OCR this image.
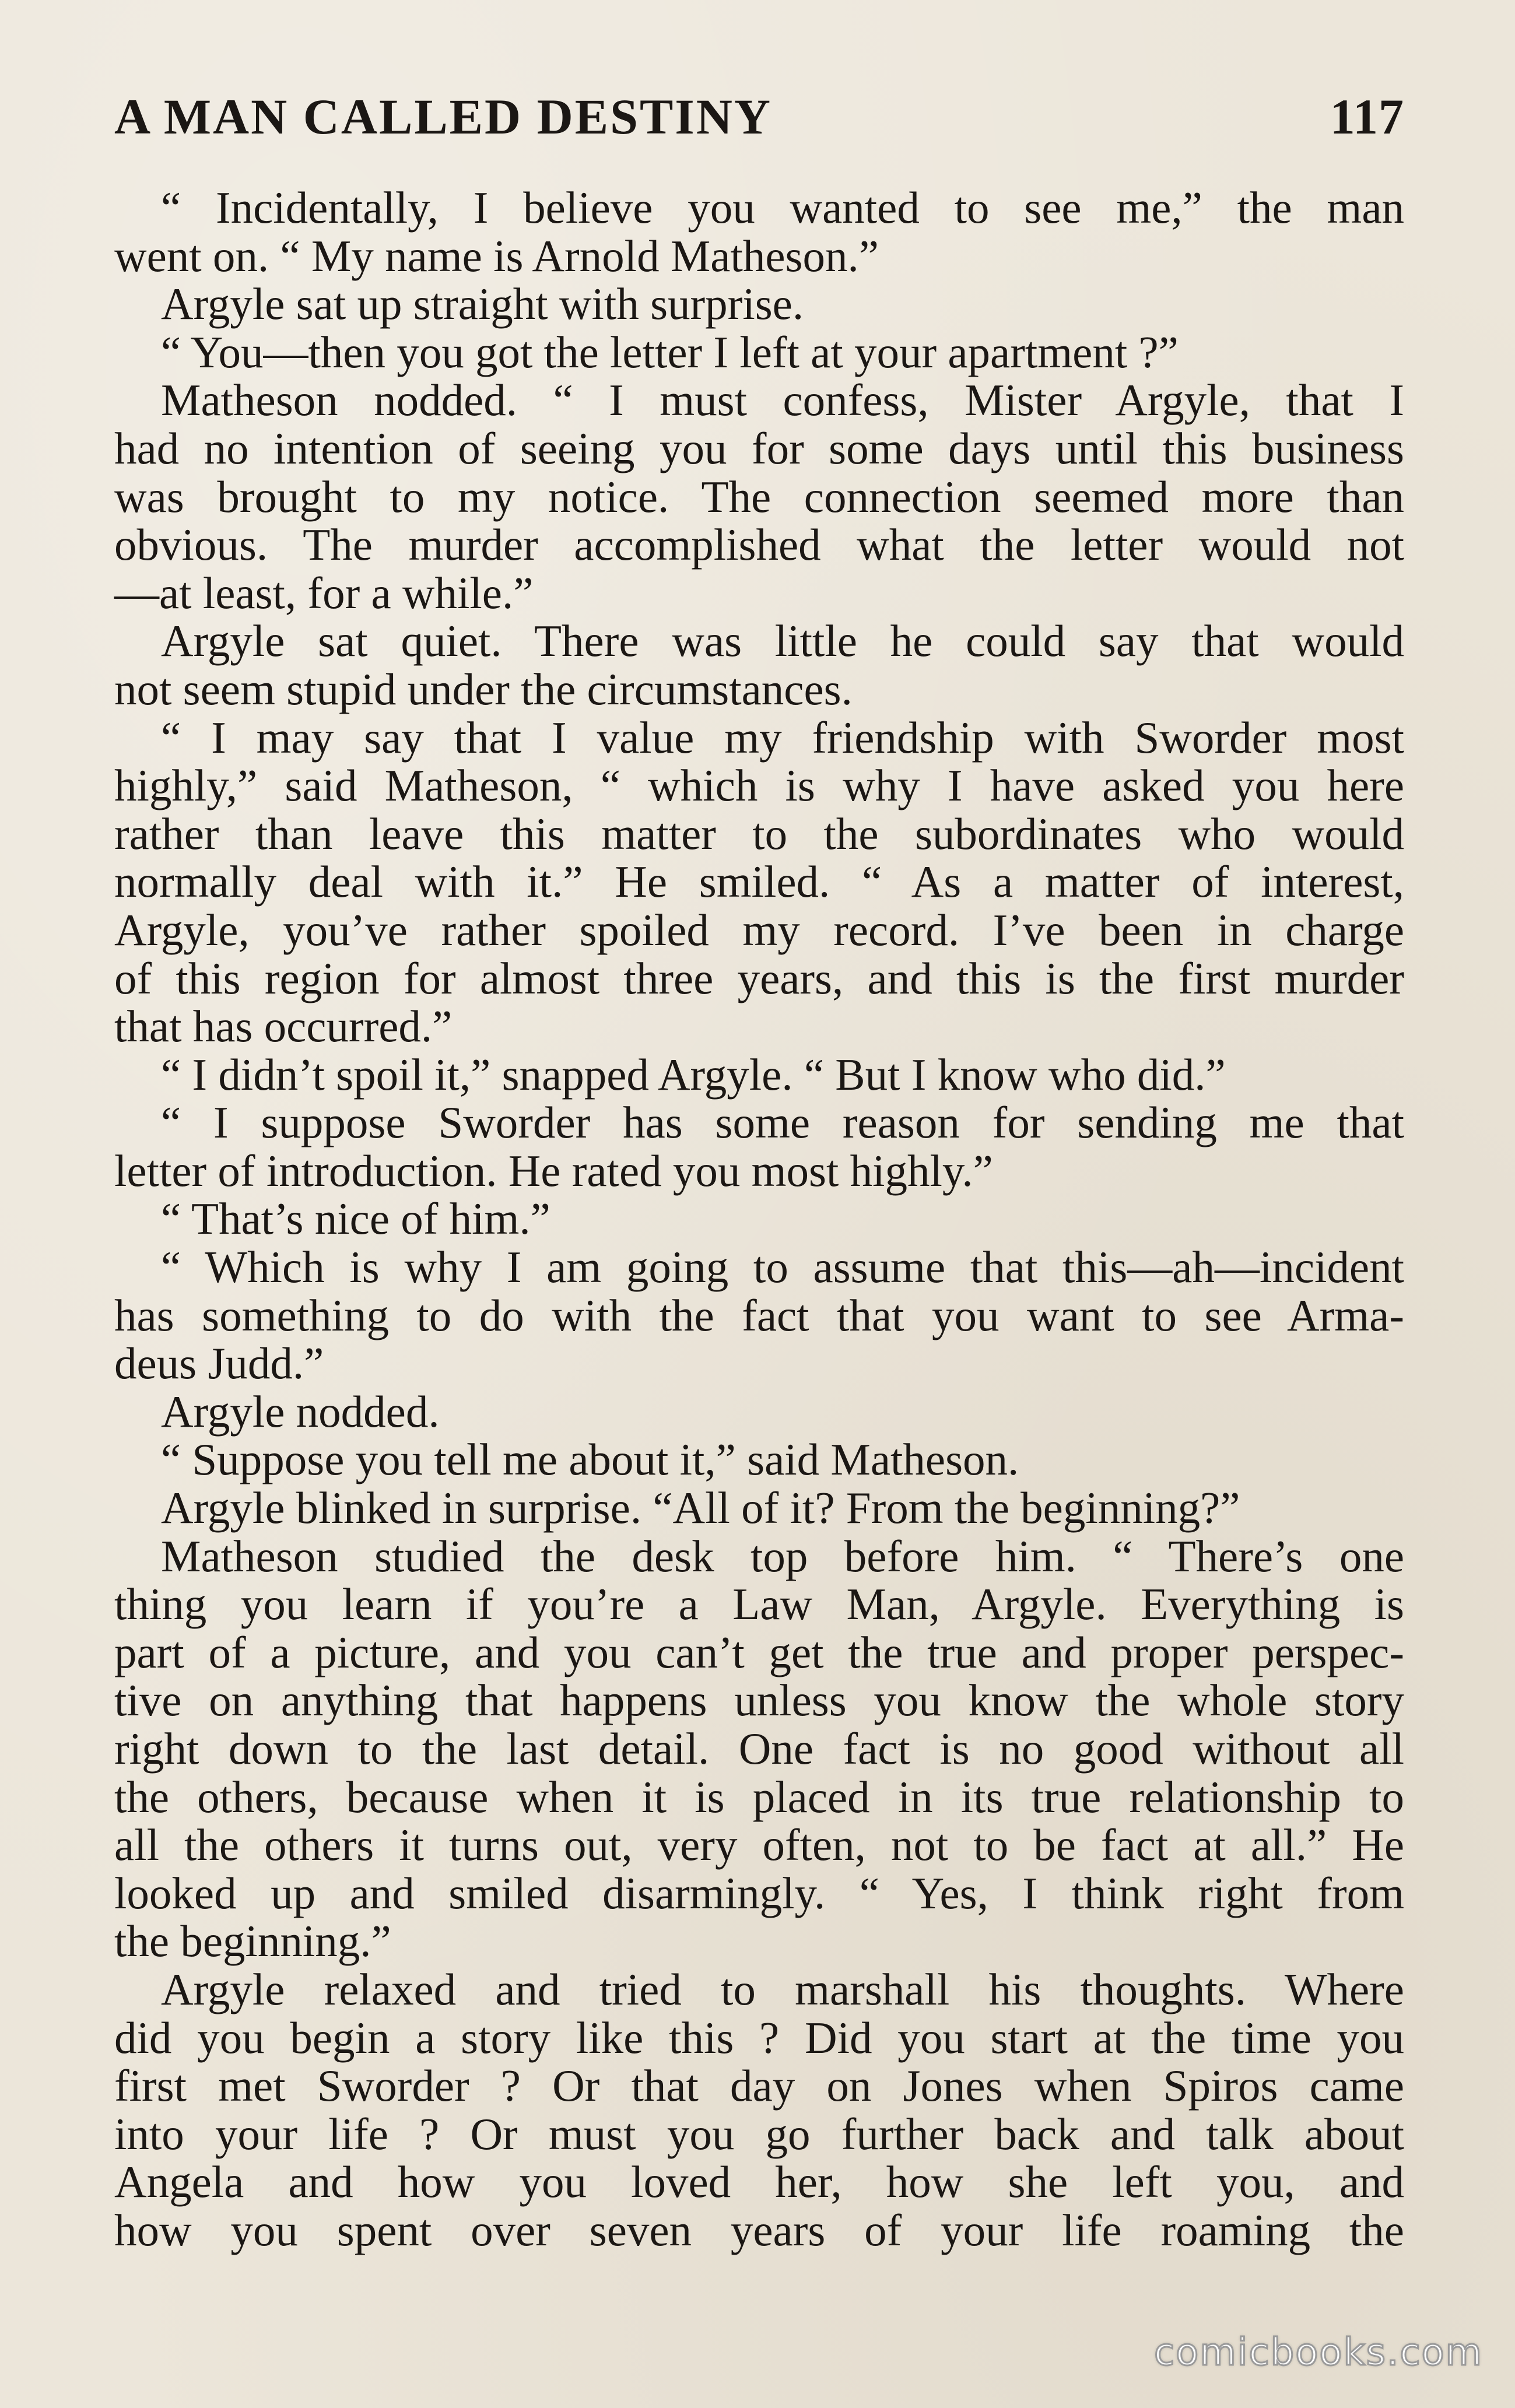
A MAN CALLED DESTINY	117
“ Incidentally, I believe you wanted to see me,” the man
went on. “ My name is Arnold Matheson.”
Argyle sat up straight with surprise.
“ You—then you got the letter I left at your apartment ?”
Matheson nodded. “ I must confess, Mister Argyle, that I
had no intention of seeing you for some days until this business
was brought to my notice. The connection seemed more than
obvious. The murder accomplished what the letter would not
—at least, for a while.”
Argyle sat quiet. There was little he could say that would
not seem stupid under the circumstances.
“ I may say that I value my friendship with Sworder most
highly,” said Matheson, “ which is why I have asked you here
rather than leave this matter to the subordinates who would
normally deal with it.” He smiled. “ As a matter of interest,
Argyle, you’ve rather spoiled my record. I’ve been in charge
of this region for almost three years, and this is the first murder
that has occurred.”
“ I didn’t spoil it,” snapped Argyle. “ But I know who did.”
“ I suppose Sworder has some reason for sending me that
letter of introduction. He rated you most highly.”
“ That’s nice of him.”
“ Which is why I am going to assume that this—ah—incident
has something to do with the fact that you want to see Arma-
deus Judd.”
Argyle nodded.
“ Suppose you tell me about it,” said Matheson.
Argyle blinked in surprise. “All of it? From the beginning?”
Matheson studied the desk top before him. “ There’s one
thing you learn if you’re a Law Man, Argyle. Everything is
part of a picture, and you can’t get the true and proper perspec-
tive on anything that happens unless you know the whole story
right down to the last detail. One fact is no good without all
the others, because when it is placed in its true relationship to
all the others it turns out, very often, not to be fact at all.” He
looked up and smiled disarmingly. “ Yes, I think right from
the beginning.”
Argyle relaxed and tried to marshall his thoughts. Where
did you begin a story like this ? Did you start at the time you
first met Sworder ? Or that day on Jones when Spiros came
into your life ? Or must you go further back and talk about
Angela and how you loved her, how she left you, and
how you spent over seven years of your life roaming the
comicbooks.com
